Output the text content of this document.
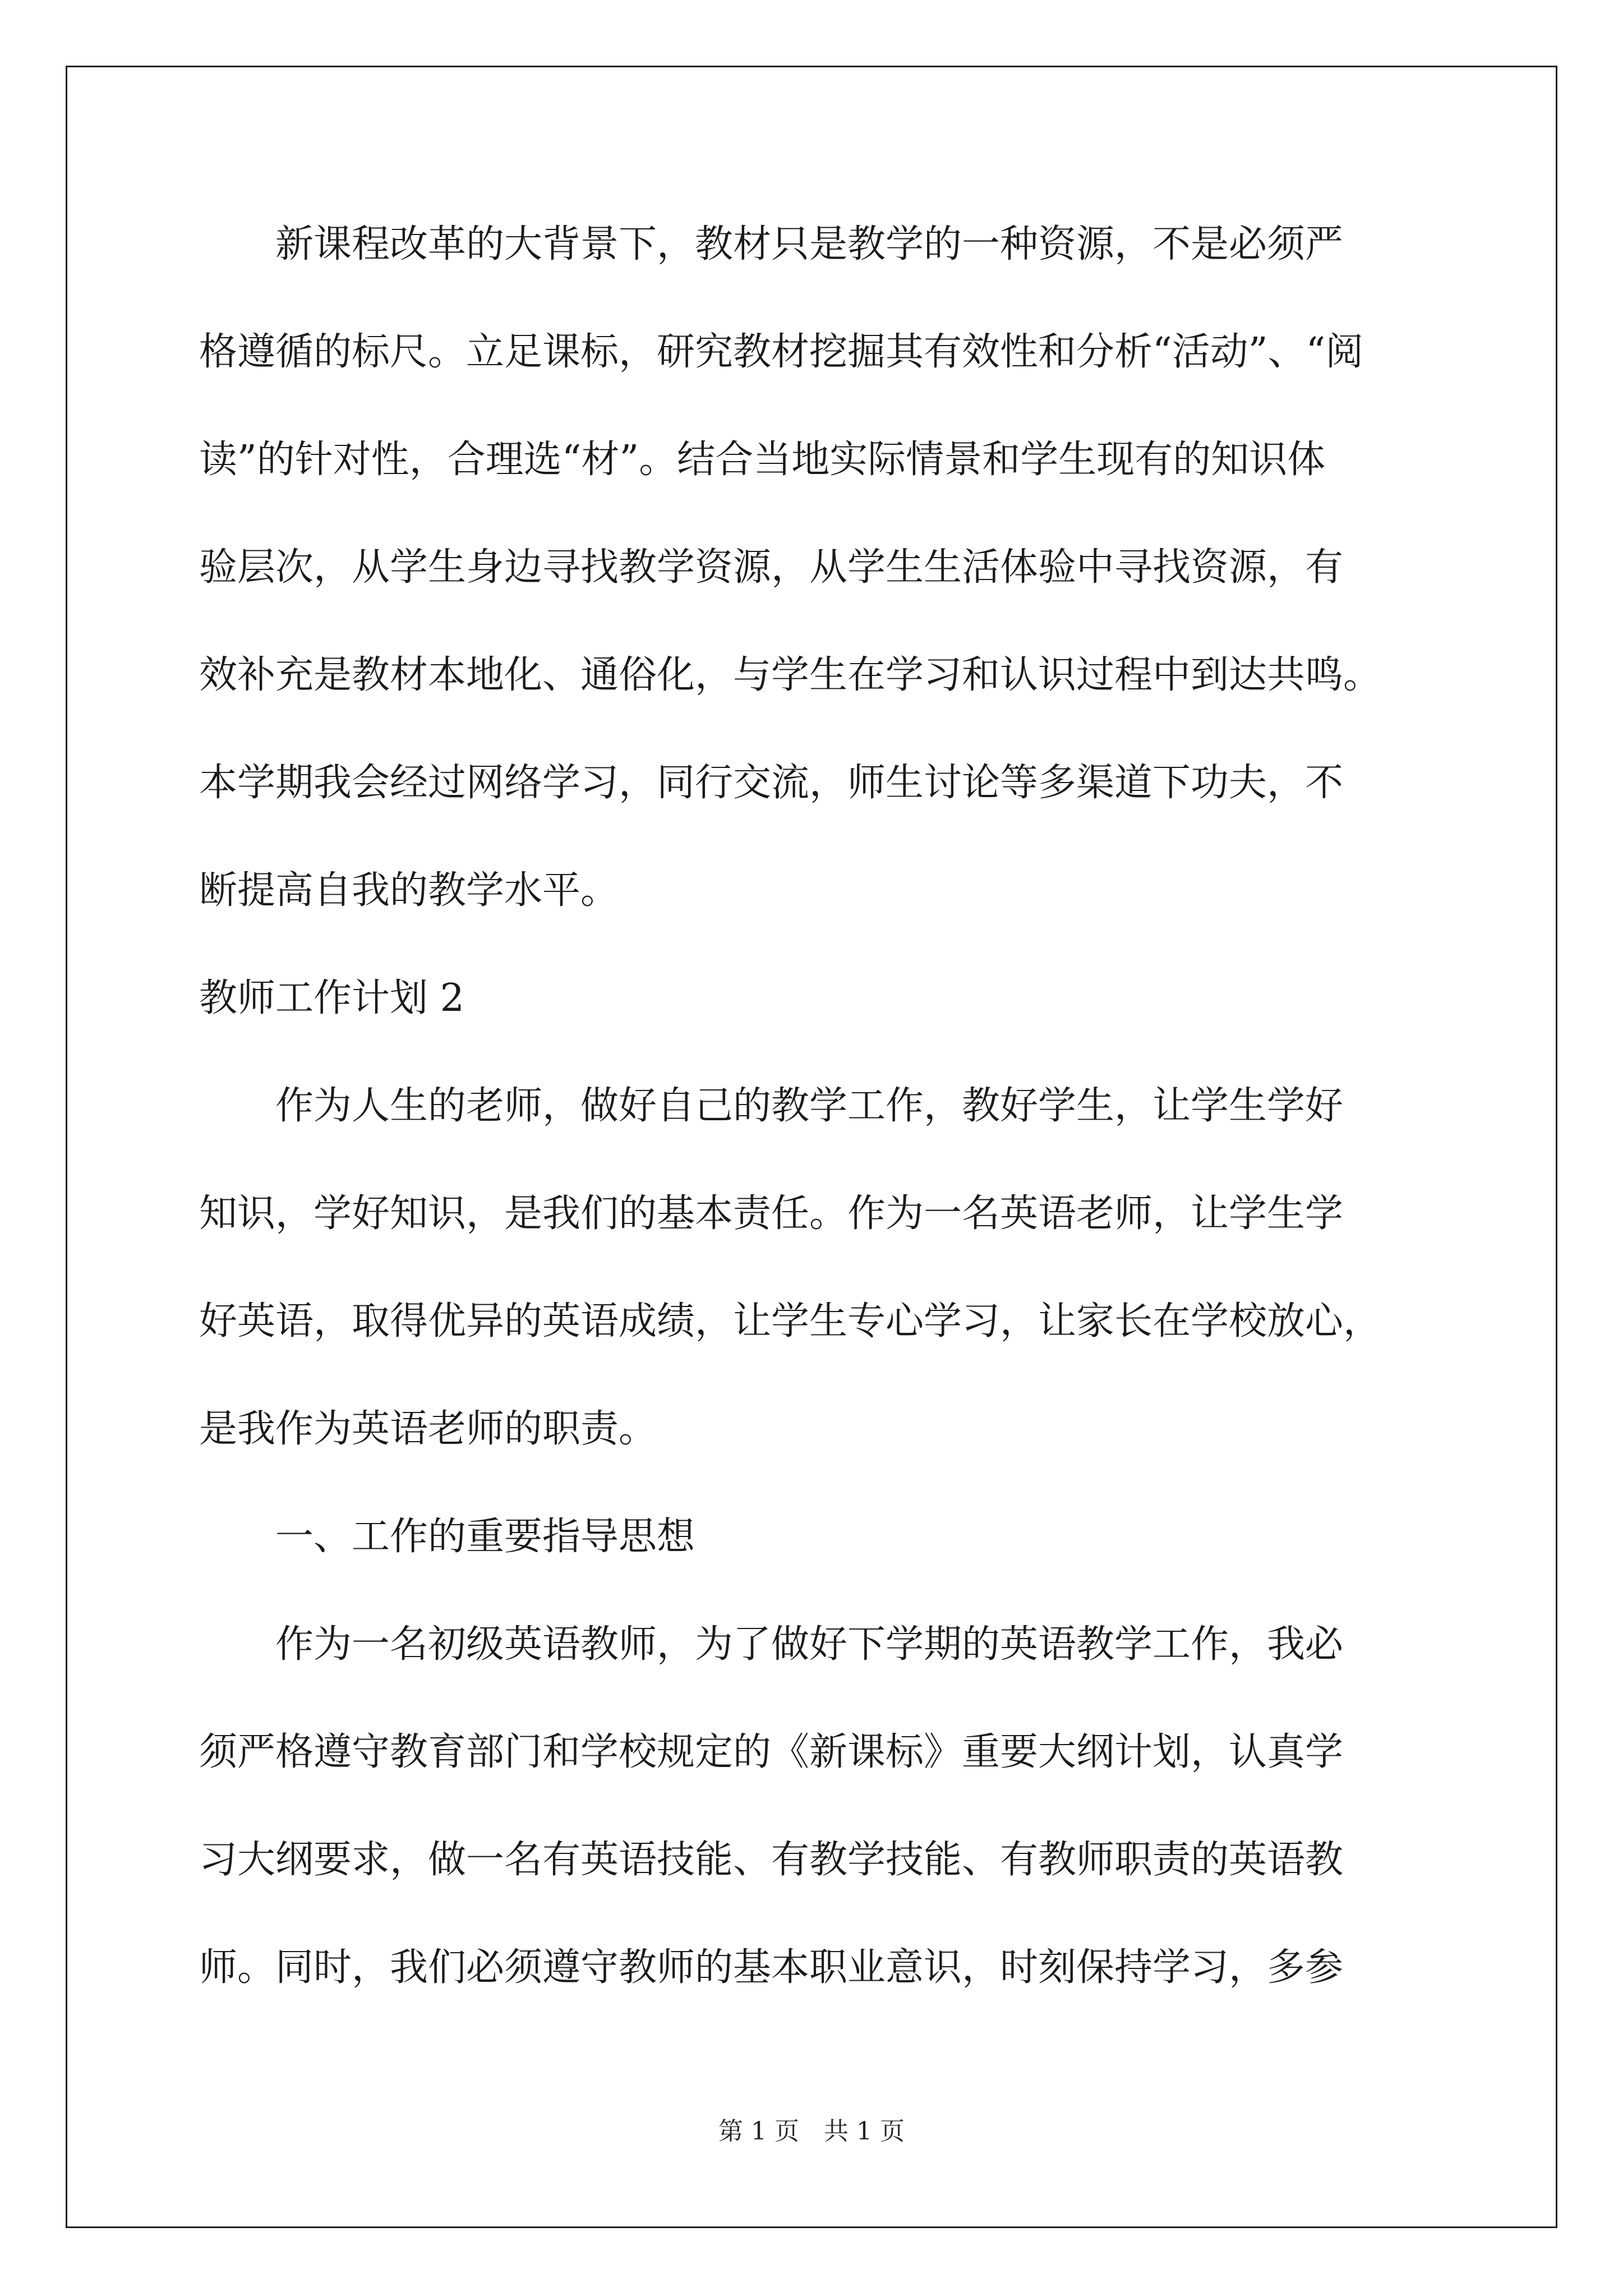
　　新课程改革的大背景下，教材只是教学的一种资源，不是必须严
格遵循的标尺。立足课标，研究教材挖掘其有效性和分析“活动”、“阅
读”的针对性，合理选“材”。结合当地实际情景和学生现有的知识体
验层次，从学生身边寻找教学资源，从学生生活体验中寻找资源，有
效补充是教材本地化、通俗化，与学生在学习和认识过程中到达共鸣。
本学期我会经过网络学习，同行交流，师生讨论等多渠道下功夫，不
断提高自我的教学水平。
教师工作计划 2
　　作为人生的老师，做好自己的教学工作，教好学生，让学生学好
知识，学好知识，是我们的基本责任。作为一名英语老师，让学生学
好英语，取得优异的英语成绩，让学生专心学习，让家长在学校放心，
是我作为英语老师的职责。
　　一、工作的重要指导思想
　　作为一名初级英语教师，为了做好下学期的英语教学工作，我必
须严格遵守教育部门和学校规定的《新课标》重要大纲计划，认真学
习大纲要求，做一名有英语技能、有教学技能、有教师职责的英语教
师。同时，我们必须遵守教师的基本职业意识，时刻保持学习，多参
第 1 页　共 1 页
